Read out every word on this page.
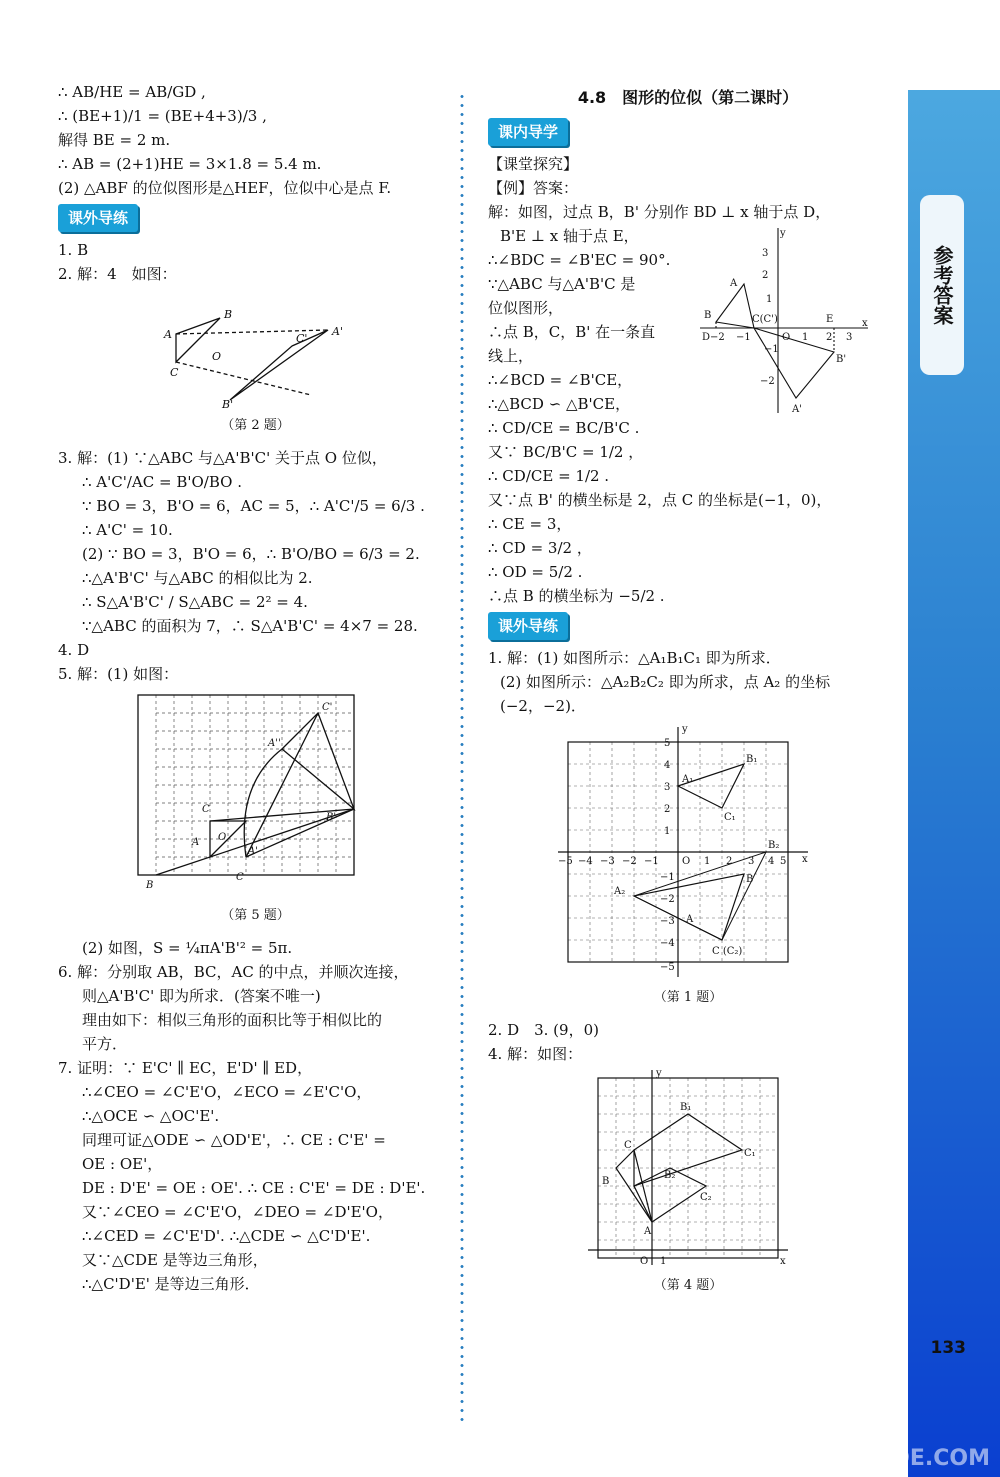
参考答案
133
答案圈 MXQE.COM

∴ AB/HE = AB/GD ,

∴ (BE+1)/1 = (BE+4+3)/3 ,

解得 BE = 2 m.

∴ AB = (2+1)HE = 3×1.8 = 5.4 m.

(2) △ABF 的位似图形是△HEF，位似中心是点 F.

课外导练

1. B

2. 解：4　如图：

A
B
C
O
C'
A'
B'

（第 2 题）

3. 解：(1) ∵△ABC 与△A'B'C' 关于点 O 位似，

∴ A'C'/AC = B'O/BO .

∵ BO = 3，B'O = 6，AC = 5，∴ A'C'/5 = 6/3 .

∴ A'C' = 10.

(2) ∵ BO = 3，B'O = 6，∴ B'O/BO = 6/3 = 2.

∴△A'B'C' 与△ABC 的相似比为 2.

∴ S△A'B'C' / S△ABC = 2² = 4.

∵△ABC 的面积为 7，∴ S△A'B'C' = 4×7 = 28.

4. D

5. 解：(1) 如图：

B
A
C
O
C
A'
C'
A''
B'

（第 5 题）

(2) 如图，S = ¼πA'B'² = 5π.

6. 解：分别取 AB，BC，AC 的中点，并顺次连接，

则△A'B'C' 即为所求．(答案不唯一)

理由如下：相似三角形的面积比等于相似比的

平方．

7. 证明：∵ E'C' ∥ EC，E'D' ∥ ED，

∴∠CEO = ∠C'E'O，∠ECO = ∠E'C'O，

∴△OCE ∽ △OC'E'.

同理可证△ODE ∽ △OD'E'，∴ CE : C'E' =

OE : OE'，

DE : D'E' = OE : OE'. ∴ CE : C'E' = DE : D'E'.

又∵∠CEO = ∠C'E'O，∠DEO = ∠D'E'O，

∴∠CED = ∠C'E'D'. ∴△CDE ∽ △C'D'E'.

又∵△CDE 是等边三角形，

∴△C'D'E' 是等边三角形．

4.8　图形的位似（第二课时）

课内导学

【课堂探究】

【例】答案：

解：如图，过点 B，B' 分别作 BD ⊥ x 轴于点 D，

3
2
1
y
x
D−2 −1	O 1 2 3
−1
−2
A
B	C(C')	E
B'
A'

B'E ⊥ x 轴于点 E，

∴∠BDC = ∠B'EC = 90°.

∵△ABC 与△A'B'C 是

位似图形，

∴点 B，C，B' 在一条直

线上，

∴∠BCD = ∠B'CE，

∴△BCD ∽ △B'CE，

∴ CD/CE = BC/B'C .

又∵ BC/B'C = 1/2 ，

∴ CD/CE = 1/2 .

又∵点 B' 的横坐标是 2，点 C 的坐标是(−1，0)，

∴ CE = 3，

∴ CD = 3/2 ，

∴ OD = 5/2 .

∴点 B 的横坐标为 −5/2 .

课外导练

1. 解：(1) 如图所示：△A₁B₁C₁ 即为所求．

(2) 如图所示：△A₂B₂C₂ 即为所求，点 A₂ 的坐标

(−2，−2)．

y
x
O
−5 −4 −3 −2 −1	1 2 3 4 5
5
4
3
2
1
−1
−2
−3
−4
−5
A₁
B₁
C₁
A₂
B₂
A
B
C (C₂)

（第 1 题）

2. D　3. (9，0)

4. 解：如图：

y
x
O 1
B
C
A
B₁
C₁
B₂
C₂

（第 4 题）
